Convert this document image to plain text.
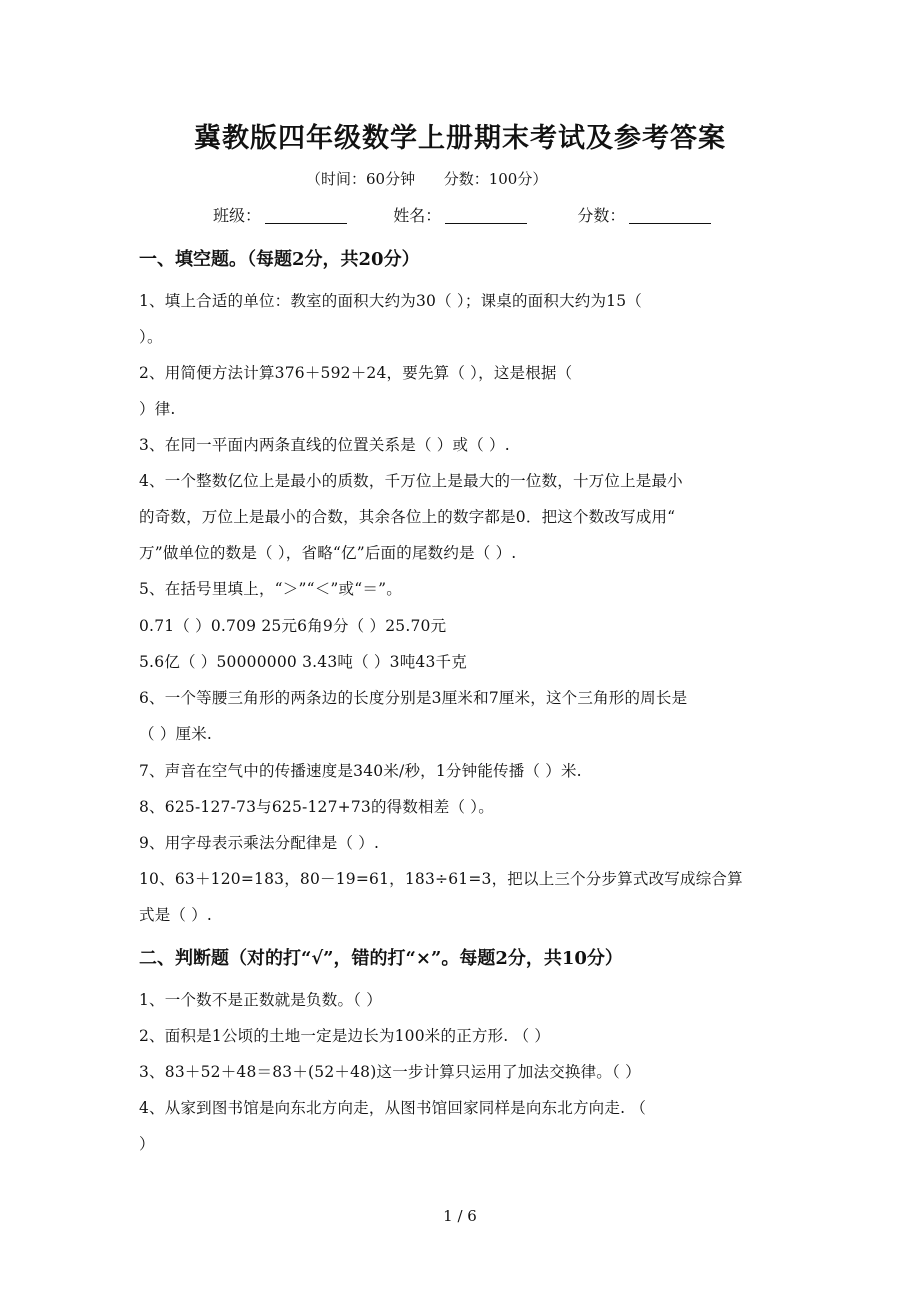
冀教版四年级数学上册期末考试及参考答案
（时间：60分钟      分数：100分）
班级：	姓名：	分数：
一、填空题。（每题2分，共20分）
1、填上合适的单位：教室的面积大约为30（ ）；课桌的面积大约为15（
）。
2、用简便方法计算376＋592＋24，要先算（ ），这是根据（
）律.
3、在同一平面内两条直线的位置关系是（ ）或（ ）.
4、一个整数亿位上是最小的质数，千万位上是最大的一位数，十万位上是最小
的奇数，万位上是最小的合数，其余各位上的数字都是0．把这个数改写成用“
万”做单位的数是（ ），省略“亿”后面的尾数约是（ ）.
5、在括号里填上，“＞”“＜”或“＝”。
0.71（ ）0.709 25元6角9分（ ）25.70元
5.6亿（ ）50000000 3.43吨（ ）3吨43千克
6、一个等腰三角形的两条边的长度分别是3厘米和7厘米，这个三角形的周长是
（ ）厘米.
7、声音在空气中的传播速度是340米/秒，1分钟能传播（ ）米.
8、625-127-73与625-127+73的得数相差（ ）。
9、用字母表示乘法分配律是（ ）.
10、63＋120=183，80－19=61，183÷61=3，把以上三个分步算式改写成综合算
式是（ ）.
二、判断题（对的打“√”，错的打“×”。每题2分，共10分）
1、一个数不是正数就是负数。（ ）
2、面积是1公顷的土地一定是边长为100米的正方形. （ ）
3、83＋52＋48＝83＋(52＋48)这一步计算只运用了加法交换律。（ ）
4、从家到图书馆是向东北方向走，从图书馆回家同样是向东北方向走. （
）
1 / 6
